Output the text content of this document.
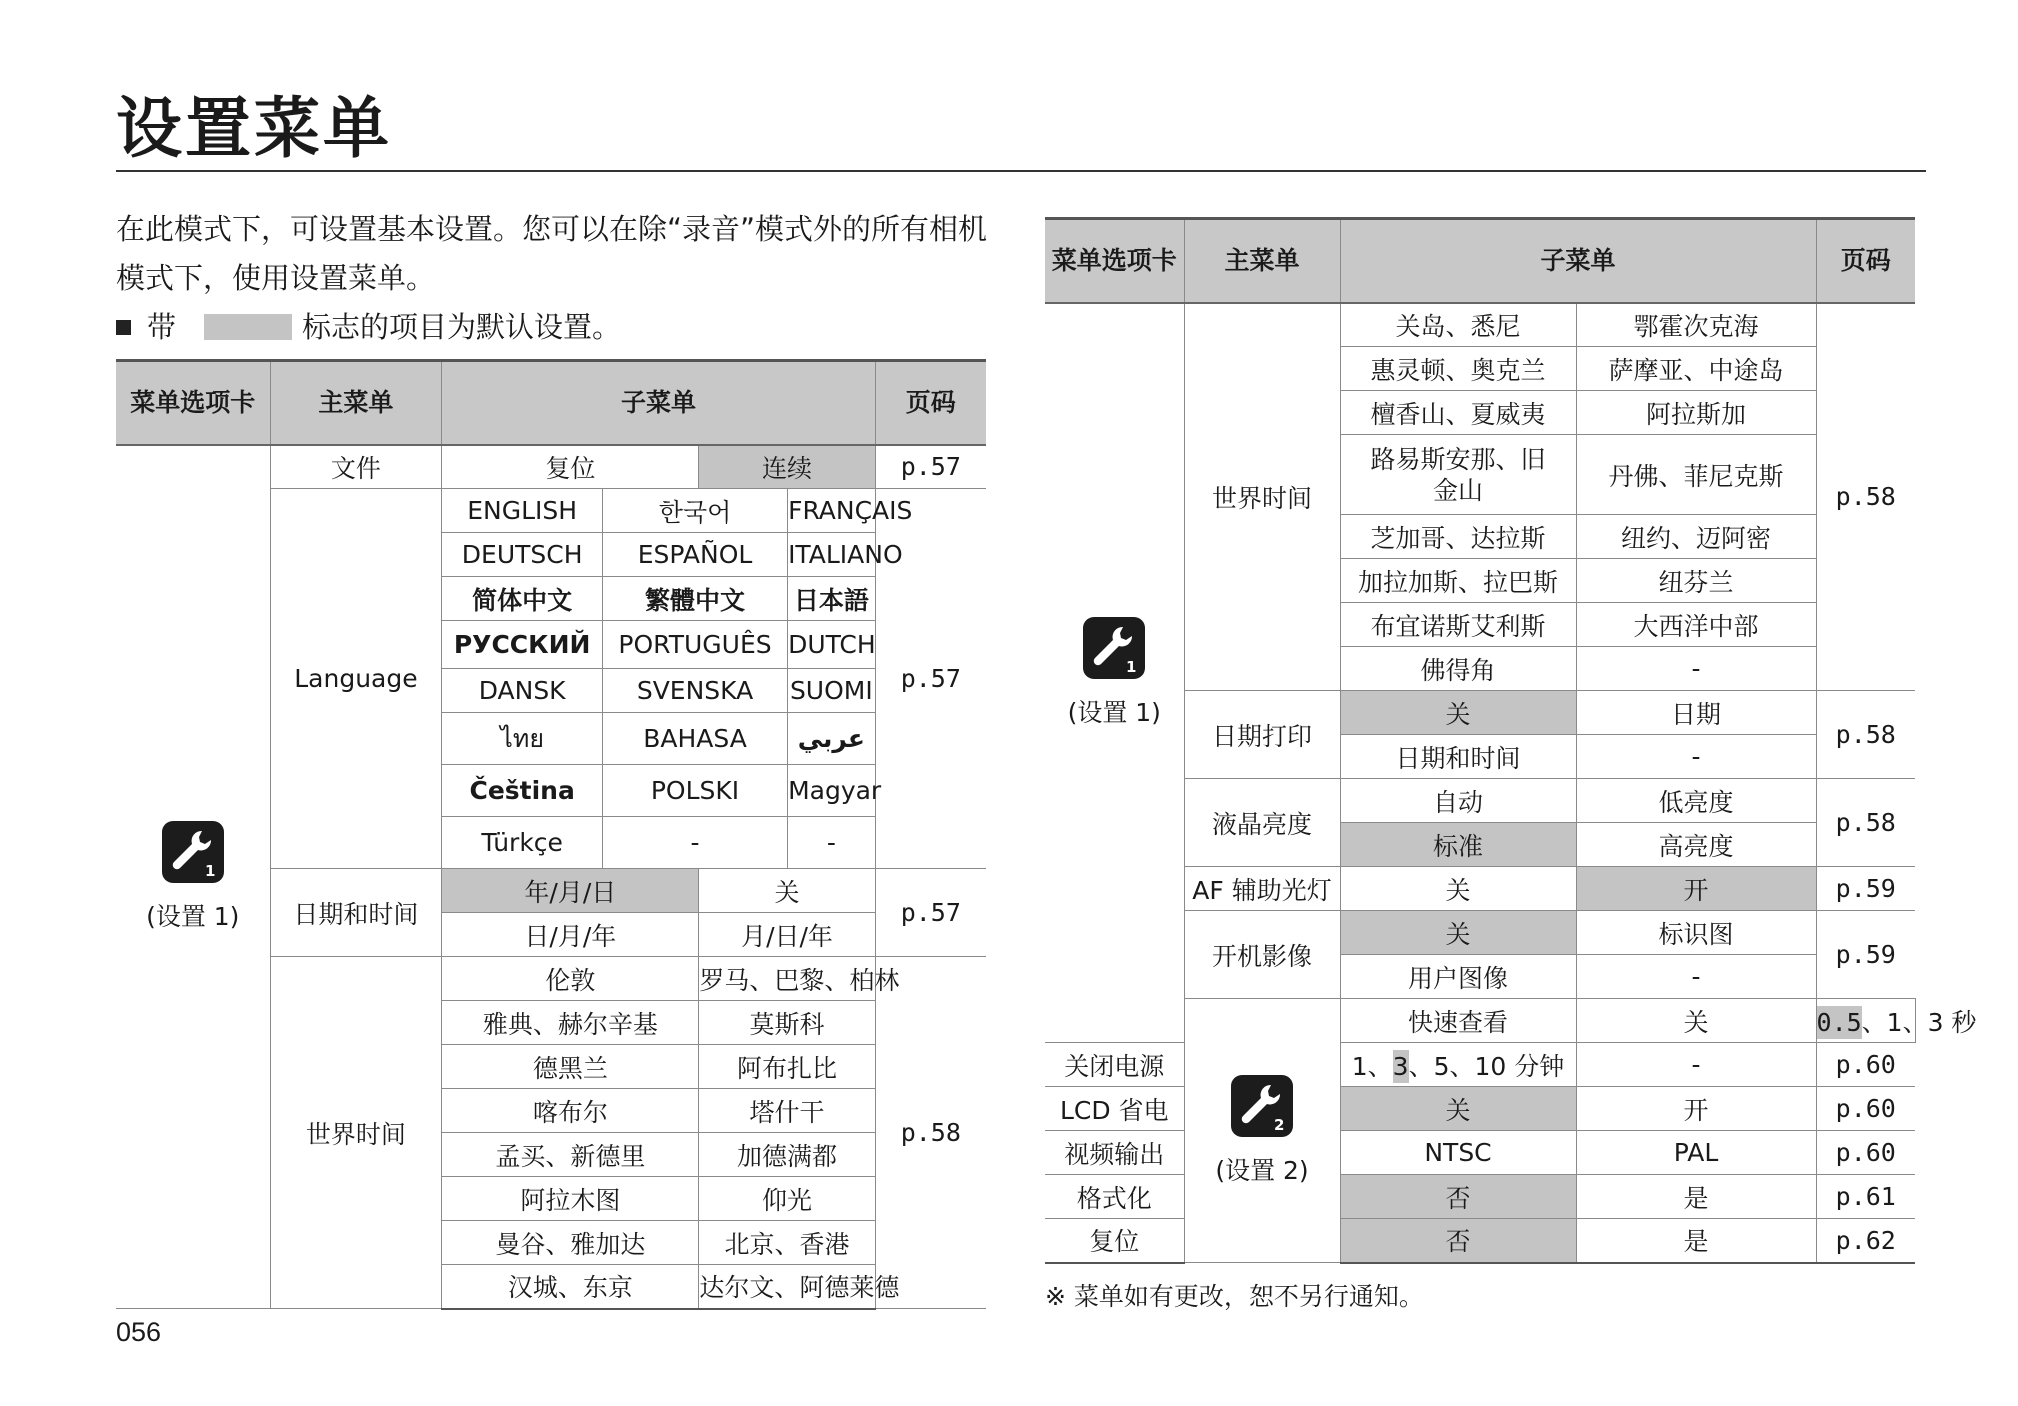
设置菜单
在此模式下，可设置基本设置。您可以在除“录音”模式外的所有相机模式下，使用设置菜单。
带	标志的项目为默认设置。
菜单选项卡	主菜单	子菜单				页码

1
(设置 1)	文件	复位		连续		p.57
	Language	ENGLISH	한국어		FRANÇAIS	p.57
		DEUTSCH	ESPAÑOL		ITALIANO	
		简体中文	繁體中文		日本語	
		РУССКИЙ	PORTUGUÊS		DUTCH	
		DANSK	SVENSKA		SUOMI	
		ไทย	BAHASA		عربي	
		Čeština	POLSKI		Magyar	
		Türkçe	-		-	
	日期和时间	年/月/日		关		p.57
		日/月/年		月/日/年		
	世界时间	伦敦		罗马、巴黎、柏林		p.58
		雅典、赫尔辛基		莫斯科		
		德黑兰		阿布扎比		
		喀布尔		塔什干		
		孟买、新德里		加德满都		
		阿拉木图		仰光		
		曼谷、雅加达		北京、香港		
		汉城、东京		达尔文、阿德莱德		
菜单选项卡	主菜单	子菜单		页码	

1
(设置 1)	世界时间	关岛、悉尼	鄂霍次克海	p.58	
		惠灵顿、奥克兰	萨摩亚、中途岛		
		檀香山、夏威夷	阿拉斯加		
		路易斯安那、旧金山	丹佛、菲尼克斯		
		芝加哥、达拉斯	纽约、迈阿密		
		加拉加斯、拉巴斯	纽芬兰		
		布宜诺斯艾利斯	大西洋中部		
		佛得角	-		
	日期打印	关	日期	p.58	
		日期和时间	-		
	液晶亮度	自动	低亮度	p.58	
		标准	高亮度		
	AF 辅助光灯	关	开	p.59	
	开机影像	关	标识图	p.59	
		用户图像	-		

2
(设置 2)	快速查看	关	0.5、1、3 秒	
关闭电源		1、3、5、10 分钟	-	p.60	
LCD 省电		关	开	p.60	
视频输出		NTSC	PAL	p.60	
格式化		否	是	p.61	
复位		否	是	p.62	
※ 菜单如有更改，恕不另行通知。
056
